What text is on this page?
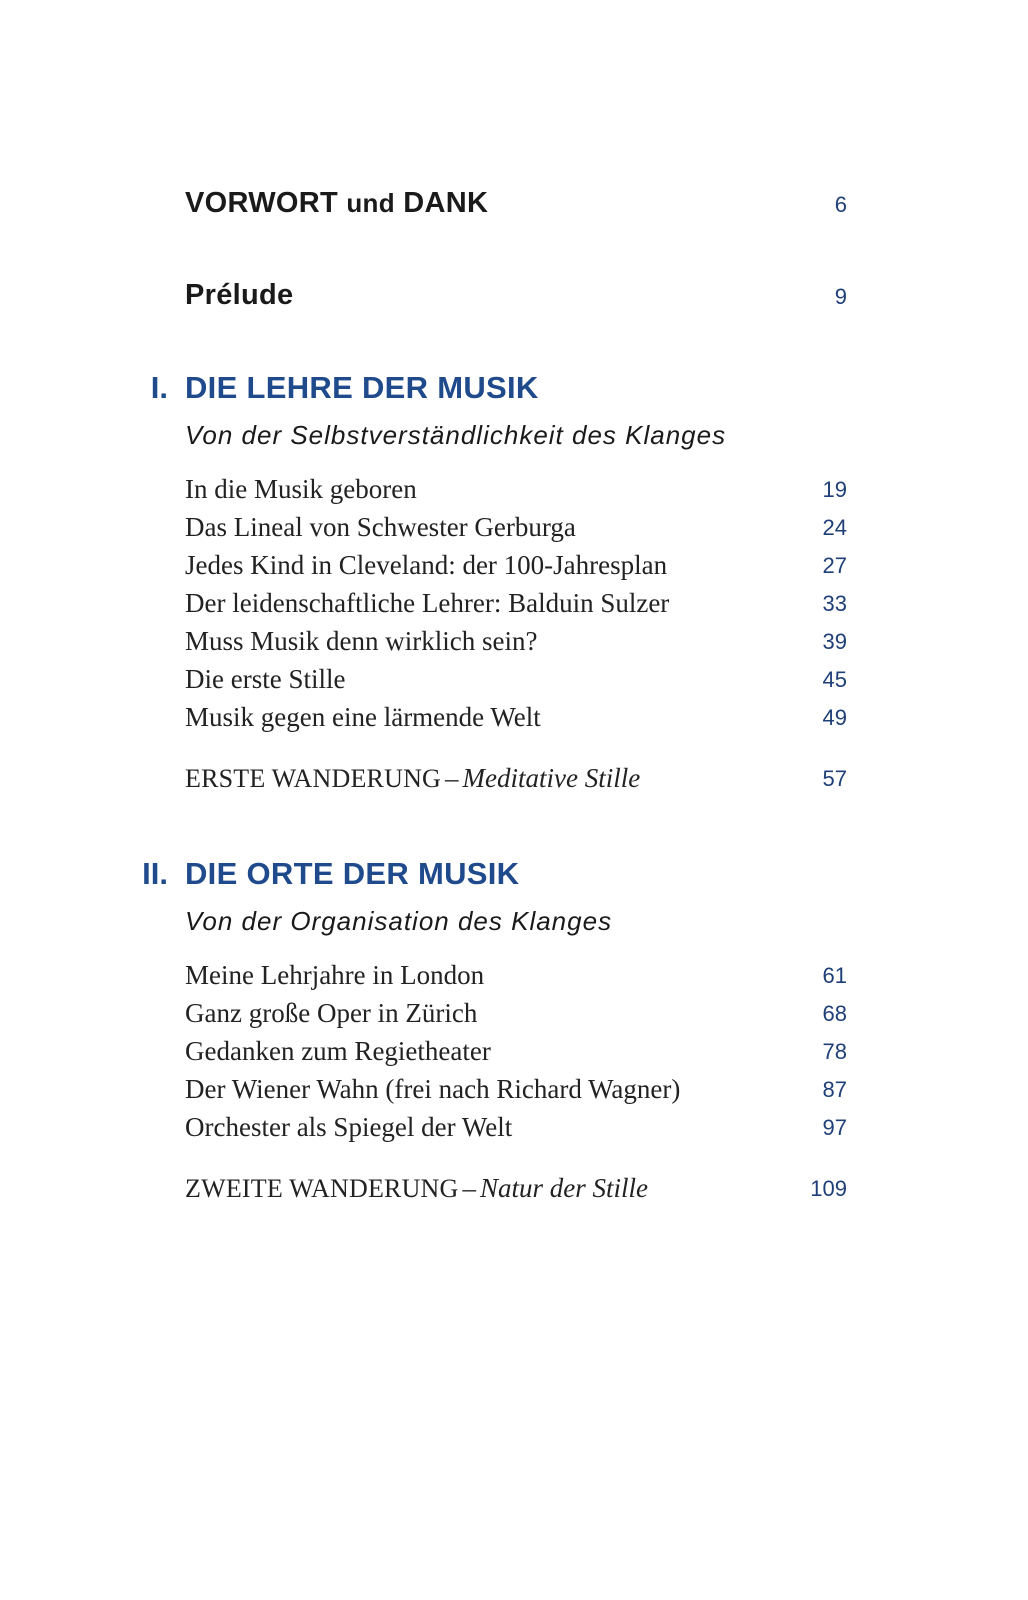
VORWORT und DANK	6
Prélude	9
I. DIE LEHRE DER MUSIK
Von der Selbstverständlichkeit des Klanges
In die Musik geboren	19
Das Lineal von Schwester Gerburga	24
Jedes Kind in Cleveland: der 100-Jahresplan	27
Der leidenschaftliche Lehrer: Balduin Sulzer	33
Muss Musik denn wirklich sein?	39
Die erste Stille	45
Musik gegen eine lärmende Welt	49
ERSTE WANDERUNG – Meditative Stille	57
II. DIE ORTE DER MUSIK
Von der Organisation des Klanges
Meine Lehrjahre in London	61
Ganz große Oper in Zürich	68
Gedanken zum Regietheater	78
Der Wiener Wahn (frei nach Richard Wagner)	87
Orchester als Spiegel der Welt	97
ZWEITE WANDERUNG – Natur der Stille	109
